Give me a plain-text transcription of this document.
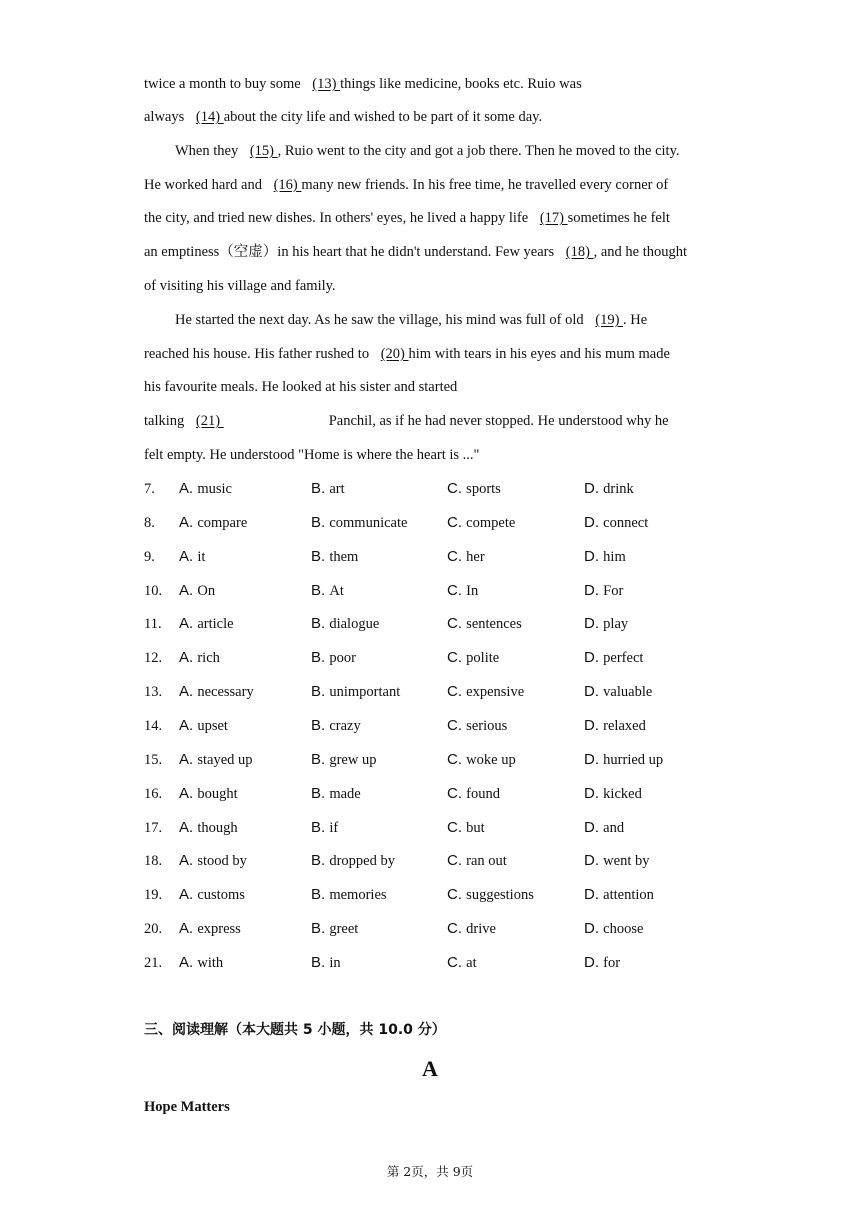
twice a month to buy some (13) things like medicine, books etc. Ruio was
always (14) about the city life and wished to be part of it some day.
When they (15) , Ruio went to the city and got a job there. Then he moved to the city.
He worked hard and (16) many new friends. In his free time, he travelled every corner of
the city, and tried new dishes. In others' eyes, he lived a happy life (17) sometimes he felt
an emptiness（空虚）in his heart that he didn't understand. Few years (18) , and he thought
of visiting his village and family.
He started the next day. As he saw the village, his mind was full of old (19) . He
reached his house. His father rushed to (20) him with tears in his eyes and his mum made
his favourite meals. He looked at his sister and started
talking (21)	Panchil, as if he had never stopped. He understood why he
felt empty. He understood "Home is where the heart is ..."
7. A. music	B. art	C. sports	D. drink
8. A. compare	B. communicate	C. compete	D. connect
9. A. it	B. them	C. her	D. him
10. A. On	B. At	C. In	D. For
11. A. article	B. dialogue	C. sentences	D. play
12. A. rich	B. poor	C. polite	D. perfect
13. A. necessary	B. unimportant	C. expensive	D. valuable
14. A. upset	B. crazy	C. serious	D. relaxed
15. A. stayed up	B. grew up	C. woke up	D. hurried up
16. A. bought	B. made	C. found	D. kicked
17. A. though	B. if	C. but	D. and
18. A. stood by	B. dropped by	C. ran out	D. went by
19. A. customs	B. memories	C. suggestions	D. attention
20. A. express	B. greet	C. drive	D. choose
21. A. with	B. in	C. at	D. for
三、阅读理解（本大题共 5 小题，共 10.0 分）
A
Hope Matters
第 2页，共 9页
